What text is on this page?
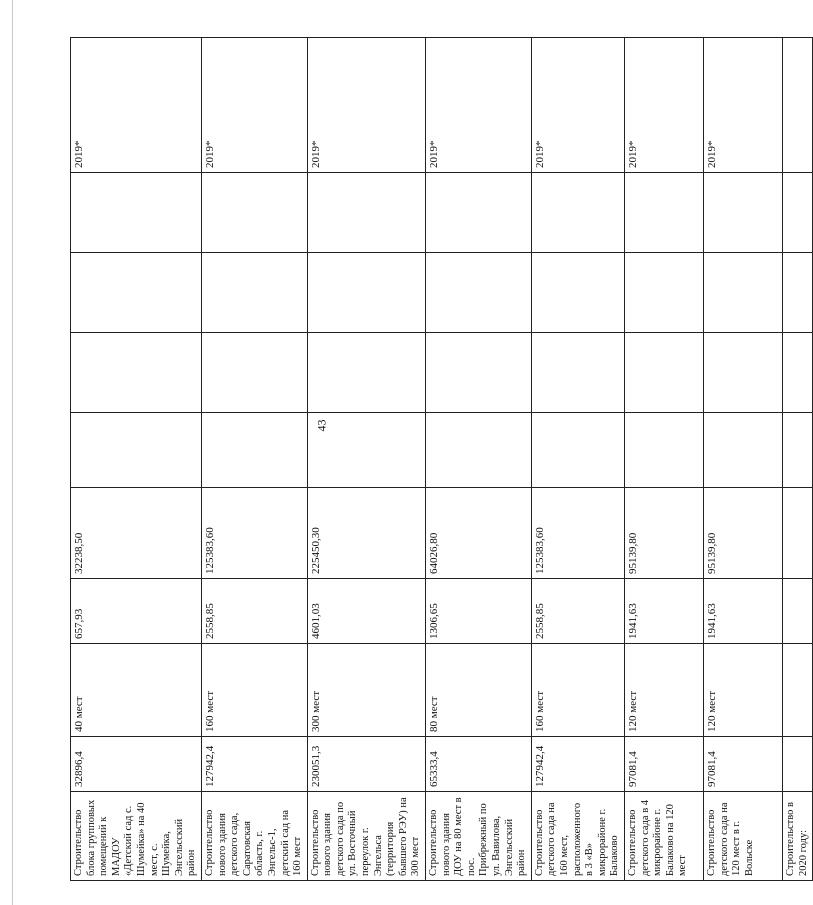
43
Строительство блока групповых помещений к МАДОУ «Детский сад с. Шумейка» на 40 мест, с. Шумейка, Энгельсский район	32896,4	40 мест	657,93	32238,50					2019*
Строительство нового здания детского сада, Саратовская область, г. Энгельс-1, детский сад на 160 мест	127942,4	160 мест	2558,85	125383,60					2019*
Строительство нового здания детского сада по ул. Восточный переулок г. Энгельса (территория бывшего РЭУ) на 300 мест	230051,3	300 мест	4601,03	225450,30					2019*
Строительство нового здания ДОУ на 80 мест в пос. Прибрежный по ул. Вавилова, Энгельсский район	65333,4	80 мест	1306,65	64026,80					2019*
Строительство детского сада на 160 мест, расположенного в 3 «В» микрорайоне г. Балаково	127942,4	160 мест	2558,85	125383,60					2019*
Строительство детского сада в 4 микрорайоне г. Балаково на 120 мест	97081,4	120 мест	1941,63	95139,80					2019*
Строительство детского сада на 120 мест в г. Вольске	97081,4	120 мест	1941,63	95139,80					2019*
Строительство в 2020 году:									
